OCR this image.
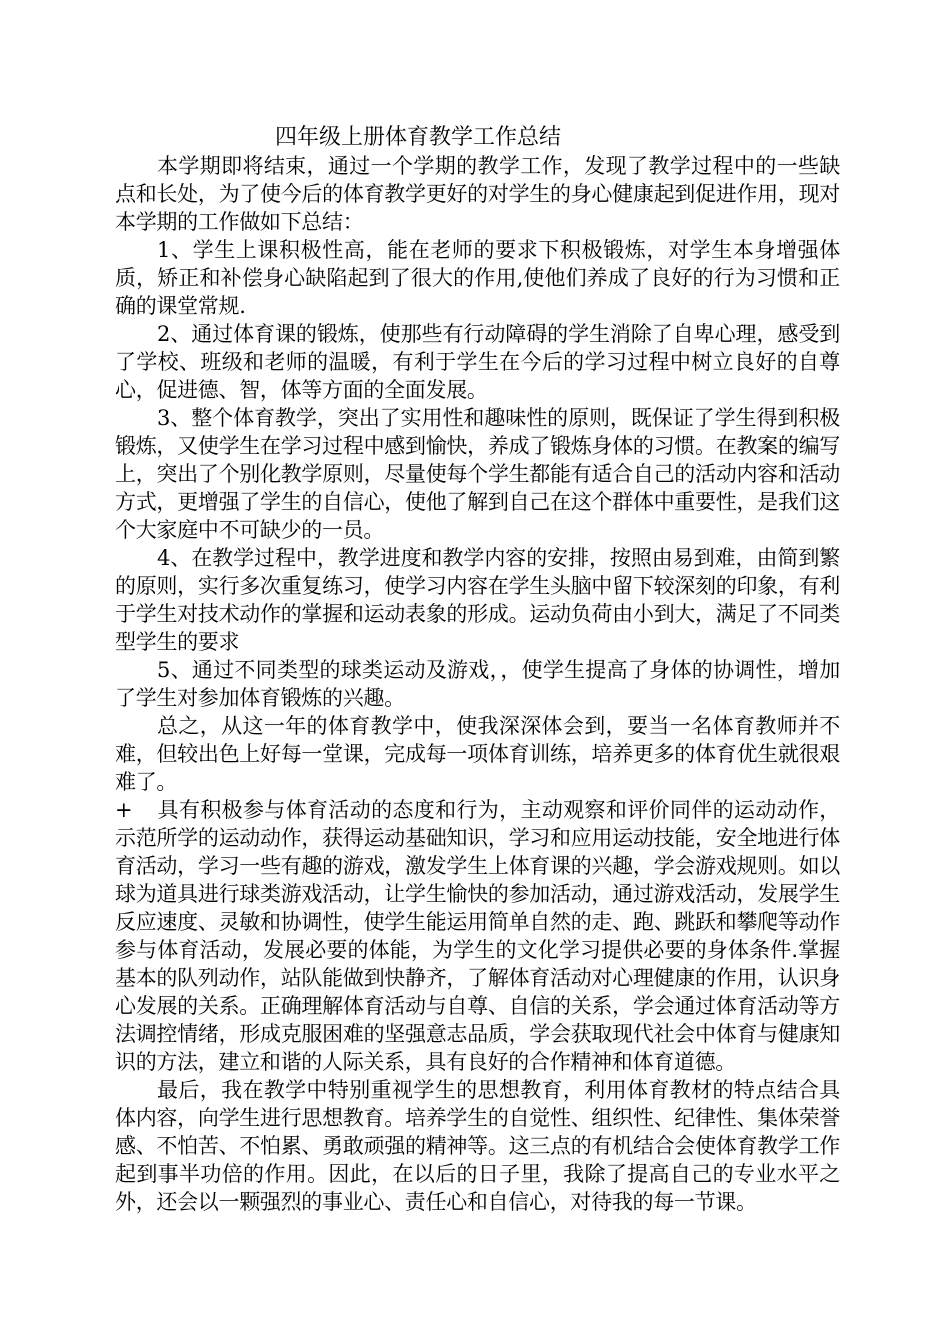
四年级上册体育教学工作总结

本学期即将结束，通过一个学期的教学工作，发现了教学过程中的一些缺点和长处，为了使今后的体育教学更好的对学生的身心健康起到促进作用，现对本学期的工作做如下总结：

1、学生上课积极性高，能在老师的要求下积极锻炼，对学生本身增强体质，矫正和补偿身心缺陷起到了很大的作用,使他们养成了良好的行为习惯和正确的课堂常规.

2、通过体育课的锻炼，使那些有行动障碍的学生消除了自卑心理，感受到了学校、班级和老师的温暖，有利于学生在今后的学习过程中树立良好的自尊心，促进德、智，体等方面的全面发展。

3、整个体育教学，突出了实用性和趣味性的原则，既保证了学生得到积极锻炼，又使学生在学习过程中感到愉快，养成了锻炼身体的习惯。在教案的编写上，突出了个别化教学原则，尽量使每个学生都能有适合自己的活动内容和活动方式，更增强了学生的自信心，使他了解到自己在这个群体中重要性，是我们这个大家庭中不可缺少的一员。

4、在教学过程中，教学进度和教学内容的安排，按照由易到难，由简到繁的原则，实行多次重复练习，使学习内容在学生头脑中留下较深刻的印象，有利于学生对技术动作的掌握和运动表象的形成。运动负荷由小到大，满足了不同类型学生的要求

5、通过不同类型的球类运动及游戏，，使学生提高了身体的协调性，增加了学生对参加体育锻炼的兴趣。

总之，从这一年的体育教学中，使我深深体会到，要当一名体育教师并不难，但较出色上好每一堂课，完成每一项体育训练，培养更多的体育优生就很艰难了。

+ 具有积极参与体育活动的态度和行为，主动观察和评价同伴的运动动作，示范所学的运动动作，获得运动基础知识，学习和应用运动技能，安全地进行体育活动，学习一些有趣的游戏，激发学生上体育课的兴趣，学会游戏规则。如以球为道具进行球类游戏活动，让学生愉快的参加活动，通过游戏活动，发展学生反应速度、灵敏和协调性，使学生能运用简单自然的走、跑、跳跃和攀爬等动作参与体育活动，发展必要的体能，为学生的文化学习提供必要的身体条件.掌握基本的队列动作，站队能做到快静齐，了解体育活动对心理健康的作用，认识身心发展的关系。正确理解体育活动与自尊、自信的关系，学会通过体育活动等方法调控情绪，形成克服困难的坚强意志品质，学会获取现代社会中体育与健康知识的方法，建立和谐的人际关系，具有良好的合作精神和体育道德。

最后，我在教学中特别重视学生的思想教育，利用体育教材的特点结合具体内容，向学生进行思想教育。培养学生的自觉性、组织性、纪律性、集体荣誉感、不怕苦、不怕累、勇敢顽强的精神等。这三点的有机结合会使体育教学工作起到事半功倍的作用。因此，在以后的日子里，我除了提高自己的专业水平之外，还会以一颗强烈的事业心、责任心和自信心，对待我的每一节课。
